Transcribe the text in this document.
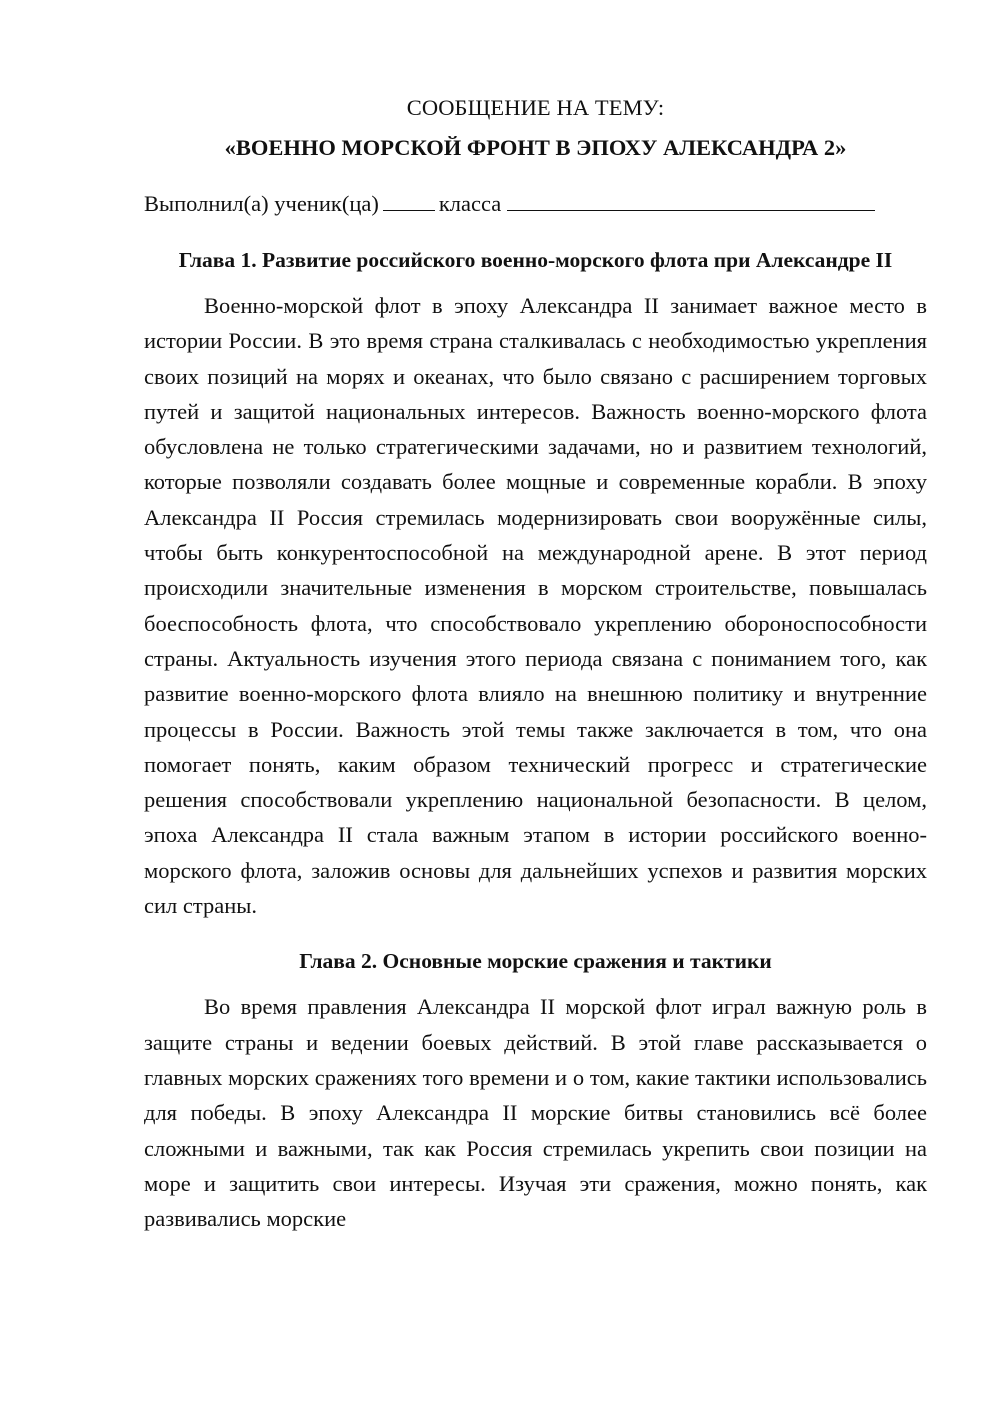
СООБЩЕНИЕ НА ТЕМУ:

«ВОЕННО МОРСКОЙ ФРОНТ В ЭПОХУ АЛЕКСАНДРА 2»

Выполнил(а) ученик(ца)	класса

Глава 1. Развитие российского военно-морского флота при Александре II

Военно-морской флот в эпоху Александра II занимает важное место в истории России. В это время страна сталкивалась с необходимостью укрепления своих позиций на морях и океанах, что было связано с расширением торговых путей и защитой национальных интересов. Важность военно-морского флота обусловлена не только стратегическими задачами, но и развитием технологий, которые позволяли создавать более мощные и современные корабли. В эпоху Александра II Россия стремилась модернизировать свои вооружённые силы, чтобы быть конкурентоспособной на международной арене. В этот период происходили значительные изменения в морском строительстве, повышалась боеспособность флота, что способствовало укреплению обороноспособности страны. Актуальность изучения этого периода связана с пониманием того, как развитие военно-морского флота влияло на внешнюю политику и внутренние процессы в России. Важность этой темы также заключается в том, что она помогает понять, каким образом технический прогресс и стратегические решения способствовали укреплению национальной безопасности. В целом, эпоха Александра II стала важным этапом в истории российского военно-морского флота, заложив основы для дальнейших успехов и развития морских сил страны.

Глава 2. Основные морские сражения и тактики

Во время правления Александра II морской флот играл важную роль в защите страны и ведении боевых действий. В этой главе рассказывается о главных морских сражениях того времени и о том, какие тактики использовались для победы. В эпоху Александра II морские битвы становились всё более сложными и важными, так как Россия стремилась укрепить свои позиции на море и защитить свои интересы. Изучая эти сражения, можно понять, как развивались морские
